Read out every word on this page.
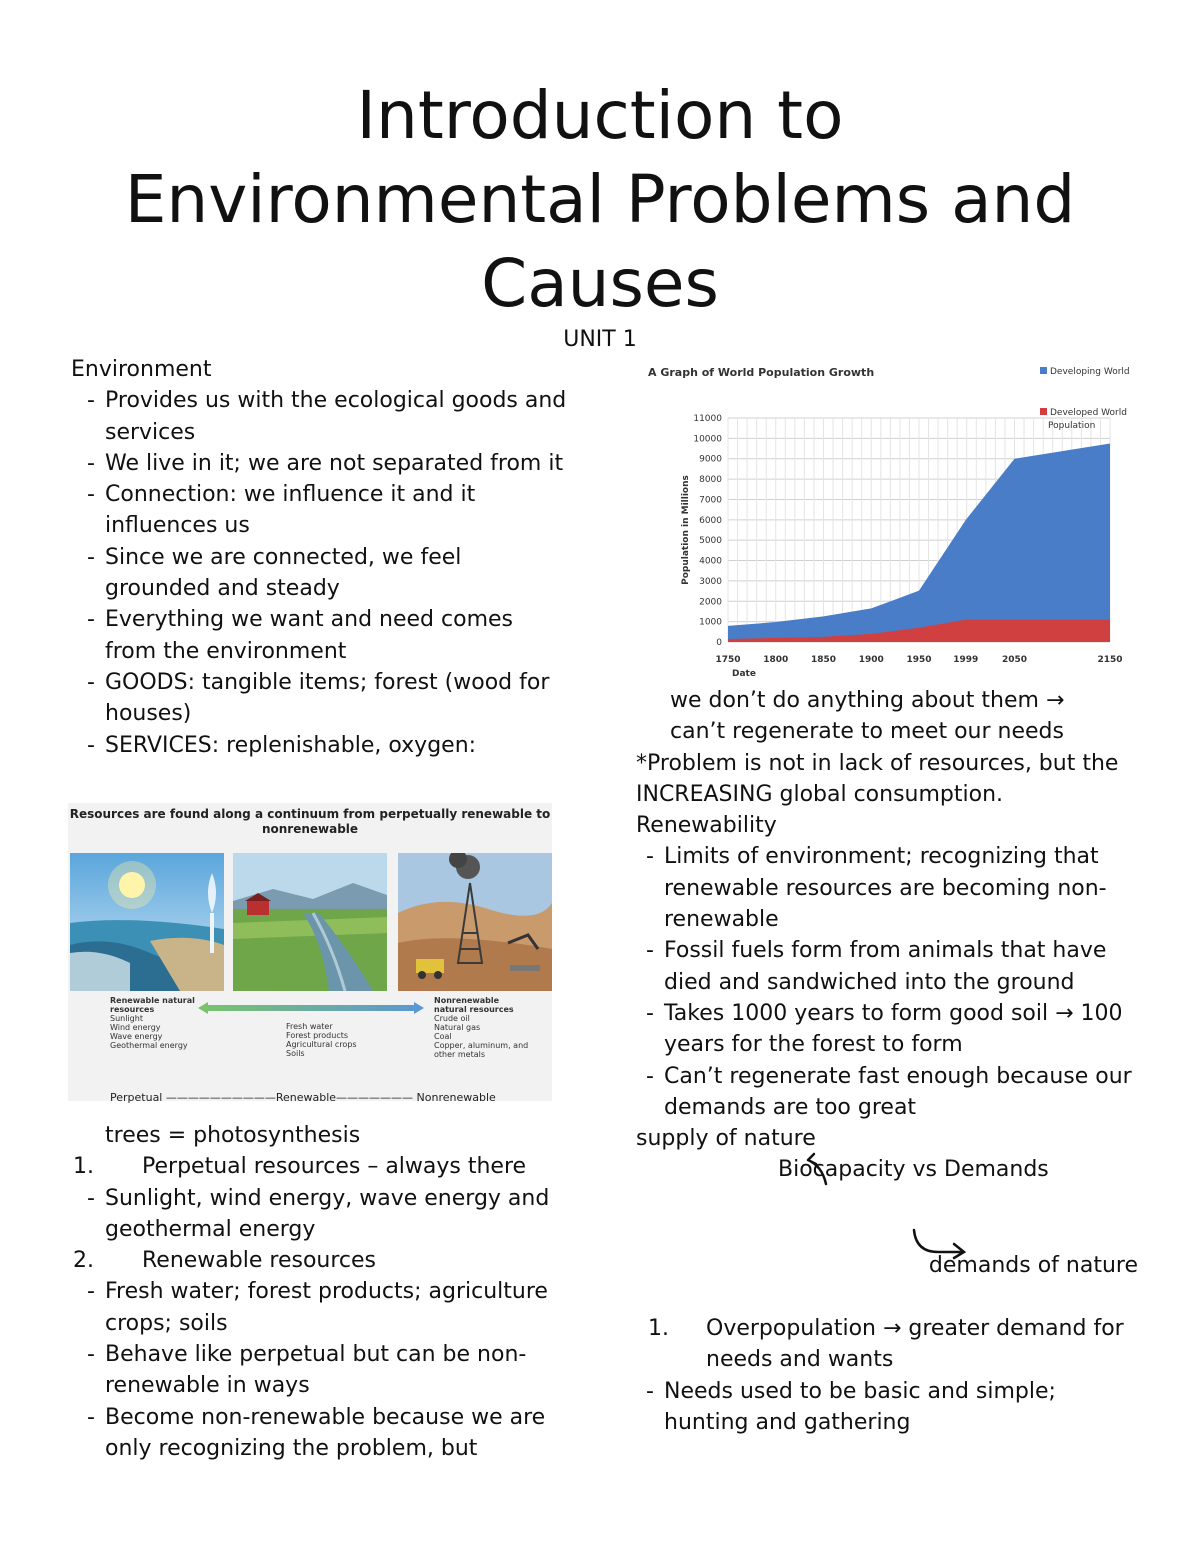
Introduction to
Environmental Problems and
Causes
UNIT 1

Environment

- Provides us with the ecological goods and services
- We live in it; we are not separated from it
- Connection: we influence it and it influences us
- Since we are connected, we feel grounded and steady
- Everything we want and need comes from the environment
- GOODS: tangible items; forest (wood for houses)
- SERVICES: replenishable, oxygen:
Resources are found along a continuum from perpetually renewable to nonrenewable
Renewable natural resources
Sunlight
Wind energy
Wave energy
Geothermal energy
Fresh water
Forest products
Agricultural crops
Soils
Nonrenewable natural resources
Crude oil
Natural gas
Coal
Copper, aluminum, and other metals
Perpetual ——————————Renewable——————— Nonrenewable

trees = photosynthesis

1. Perpetual resources – always there
- Sunlight, wind energy, wave energy and geothermal energy
2. Renewable resources
- Fresh water; forest products; agriculture crops; soils
- Behave like perpetual but can be non-renewable in ways
- Become non-renewable because we are only recognizing the problem, but
A Graph of World Population Growth
0
1000
2000
3000
4000
5000
6000
7000
8000
9000
10000
11000
1750	1800	1850	1900	1950 1999	2050	2150
Date
Population in Millions
Developing World
Developed World
Population

we don’t do anything about them →

can’t regenerate to meet our needs

*Problem is not in lack of resources, but the INCREASING global consumption.

Renewability

- Limits of environment; recognizing that renewable resources are becoming non-renewable
- Fossil fuels form from animals that have died and sandwiched into the ground
- Takes 1000 years to form good soil → 100 years for the forest to form
- Can’t regenerate fast enough because our demands are too great

supply of nature

Biocapacity vs Demands

demands of nature

1. Overpopulation → greater demand for needs and wants
- Needs used to be basic and simple; hunting and gathering
